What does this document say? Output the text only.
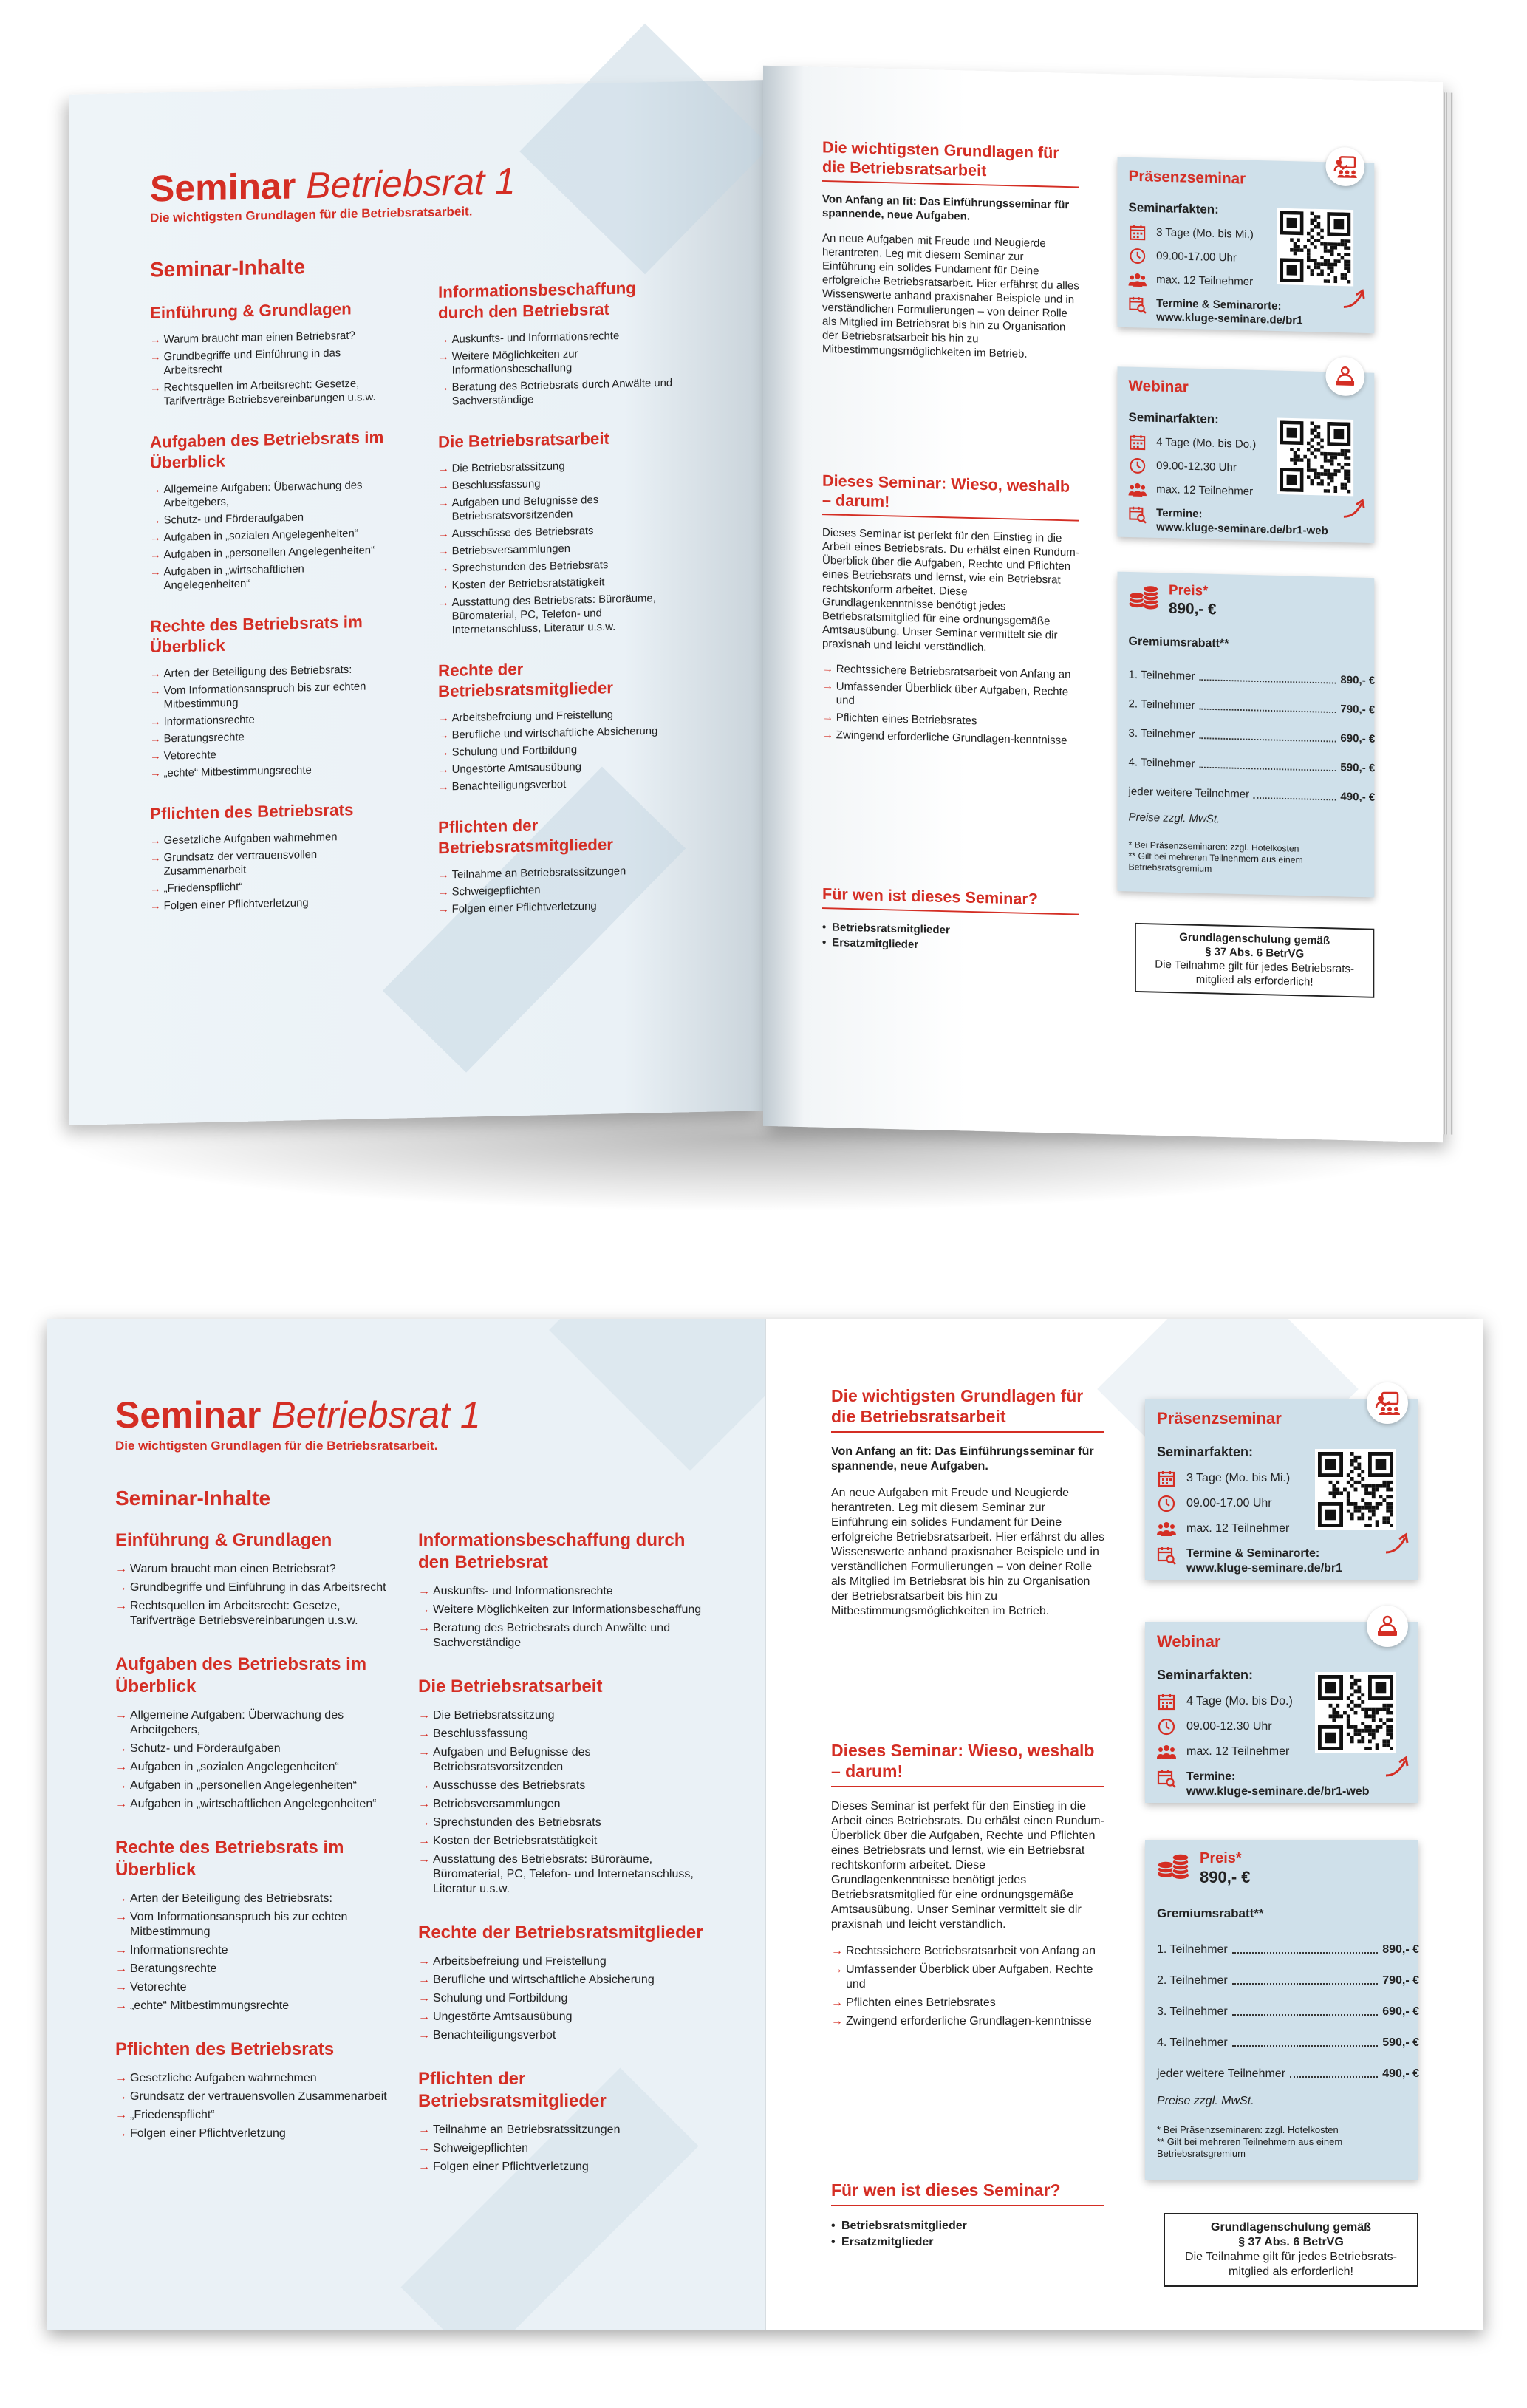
Seminar Betriebsrat 1
Die wichtigsten Grundlagen für die Betriebsratsarbeit.
Seminar-Inhalte
Einführung & Grundlagen
→ Warum braucht man einen Betriebsrat?
→ Grundbegriffe und Einführung in das Arbeitsrecht
→ Rechtsquellen im Arbeitsrecht: Gesetze, Tarifverträge Betriebsvereinbarungen u.s.w.
Aufgaben des Betriebsrats im Überblick
→ Allgemeine Aufgaben: Überwachung des Arbeitgebers,
→ Schutz- und Förderaufgaben
→ Aufgaben in „sozialen Angelegenheiten“
→ Aufgaben in „personellen Angelegenheiten“
→ Aufgaben in „wirtschaftlichen Angelegenheiten“
Rechte des Betriebsrats im Überblick
→ Arten der Beteiligung des Betriebsrats:
→ Vom Informationsanspruch bis zur echten Mitbestimmung
→ Informationsrechte
→ Beratungsrechte
→ Vetorechte
→ „echte“ Mitbestimmungsrechte
Pflichten des Betriebsrats
→ Gesetzliche Aufgaben wahrnehmen
→ Grundsatz der vertrauensvollen Zusammenarbeit
→ „Friedenspflicht“
→ Folgen einer Pflichtverletzung
Informationsbeschaffung durch den Betriebsrat
→ Auskunfts- und Informationsrechte
→ Weitere Möglichkeiten zur Informationsbeschaffung
→ Beratung des Betriebsrats durch Anwälte und Sachverständige
Die Betriebsratsarbeit
→ Die Betriebsratssitzung
→ Beschlussfassung
→ Aufgaben und Befugnisse des Betriebsratsvorsitzenden
→ Ausschüsse des Betriebsrats
→ Betriebsversammlungen
→ Sprechstunden des Betriebsrats
→ Kosten der Betriebsratstätigkeit
→ Ausstattung des Betriebsrats: Büroräume, Büromaterial, PC, Telefon- und Internetanschluss, Literatur u.s.w.
Rechte der Betriebsratsmitglieder
→ Arbeitsbefreiung und Freistellung
→ Berufliche und wirtschaftliche Absicherung
→ Schulung und Fortbildung
→ Ungestörte Amtsausübung
→ Benachteiligungsverbot
Pflichten der Betriebsratsmitglieder
→ Teilnahme an Betriebsratssitzungen
→ Schweigepflichten
→ Folgen einer Pflichtverletzung
Die wichtigsten Grundlagen für die Betriebsratsarbeit
Von Anfang an fit: Das Einführungsseminar für spannende, neue Aufgaben.
An neue Aufgaben mit Freude und Neugierde herantreten. Leg mit diesem Seminar zur Einführung ein solides Fundament für Deine erfolgreiche Betriebsratsarbeit. Hier erfährst du alles Wissenswerte anhand praxisnaher Beispiele und in verständlichen Formulierungen – von deiner Rolle als Mitglied im Betriebsrat bis hin zu Organisation der Betriebsratsarbeit bis hin zu Mitbestimmungsmöglichkeiten im Betrieb.
Dieses Seminar: Wieso, weshalb – darum!
Dieses Seminar ist perfekt für den Einstieg in die Arbeit eines Betriebsrats. Du erhälst einen Rundum-Überblick über die Aufgaben, Rechte und Pflichten eines Betriebsrats und lernst, wie ein Betriebsrat rechtskonform arbeitet. Diese Grundlagenkenntnisse benötigt jedes Betriebsratsmitglied für eine ordnungsgemäße Amtsausübung. Unser Seminar vermittelt sie dir praxisnah und leicht verständlich.
→ Rechtssichere Betriebsratsarbeit von Anfang an
→ Umfassender Überblick über Aufgaben, Rechte und
→ Pflichten eines Betriebsrates
→ Zwingend erforderliche Grundlagen-kenntnisse
Für wen ist dieses Seminar?
• Betriebsratsmitglieder
• Ersatzmitglieder
Präsenzseminar
Seminarfakten:
3 Tage (Mo. bis Mi.)
09.00-17.00 Uhr
max. 12 Teilnehmer
Termine & Seminarorte:
www.kluge-seminare.de/br1
Webinar
Seminarfakten:
4 Tage (Mo. bis Do.)
09.00-12.30 Uhr
max. 12 Teilnehmer
Termine:
www.kluge-seminare.de/br1-web
Preis*
890,- €
Gremiumsrabatt**
1. Teilnehmer	890,- €
2. Teilnehmer	790,- €
3. Teilnehmer	690,- €
4. Teilnehmer	590,- €
jeder weitere Teilnehmer	490,- €
Preise zzgl. MwSt.
* Bei Präsenzseminaren: zzgl. Hotelkosten
** Gilt bei mehreren Teilnehmern aus einem Betriebsratsgremium
Grundlagenschulung gemäß
§ 37 Abs. 6 BetrVG
Die Teilnahme gilt für jedes Betriebsrats-mitglied als erforderlich!
Seminar Betriebsrat 1
Die wichtigsten Grundlagen für die Betriebsratsarbeit.
Seminar-Inhalte
Einführung & Grundlagen
→ Warum braucht man einen Betriebsrat?
→ Grundbegriffe und Einführung in das Arbeitsrecht
→ Rechtsquellen im Arbeitsrecht: Gesetze, Tarifverträge Betriebsvereinbarungen u.s.w.
Aufgaben des Betriebsrats im Überblick
→ Allgemeine Aufgaben: Überwachung des Arbeitgebers,
→ Schutz- und Förderaufgaben
→ Aufgaben in „sozialen Angelegenheiten“
→ Aufgaben in „personellen Angelegenheiten“
→ Aufgaben in „wirtschaftlichen Angelegenheiten“
Rechte des Betriebsrats im Überblick
→ Arten der Beteiligung des Betriebsrats:
→ Vom Informationsanspruch bis zur echten Mitbestimmung
→ Informationsrechte
→ Beratungsrechte
→ Vetorechte
→ „echte“ Mitbestimmungsrechte
Pflichten des Betriebsrats
→ Gesetzliche Aufgaben wahrnehmen
→ Grundsatz der vertrauensvollen Zusammenarbeit
→ „Friedenspflicht“
→ Folgen einer Pflichtverletzung
Informationsbeschaffung durch den Betriebsrat
→ Auskunfts- und Informationsrechte
→ Weitere Möglichkeiten zur Informationsbeschaffung
→ Beratung des Betriebsrats durch Anwälte und Sachverständige
Die Betriebsratsarbeit
→ Die Betriebsratssitzung
→ Beschlussfassung
→ Aufgaben und Befugnisse des Betriebsratsvorsitzenden
→ Ausschüsse des Betriebsrats
→ Betriebsversammlungen
→ Sprechstunden des Betriebsrats
→ Kosten der Betriebsratstätigkeit
→ Ausstattung des Betriebsrats: Büroräume, Büromaterial, PC, Telefon- und Internetanschluss, Literatur u.s.w.
Rechte der Betriebsratsmitglieder
→ Arbeitsbefreiung und Freistellung
→ Berufliche und wirtschaftliche Absicherung
→ Schulung und Fortbildung
→ Ungestörte Amtsausübung
→ Benachteiligungsverbot
Pflichten der Betriebsratsmitglieder
→ Teilnahme an Betriebsratssitzungen
→ Schweigepflichten
→ Folgen einer Pflichtverletzung
Die wichtigsten Grundlagen für die Betriebsratsarbeit
Von Anfang an fit: Das Einführungsseminar für spannende, neue Aufgaben.
An neue Aufgaben mit Freude und Neugierde herantreten. Leg mit diesem Seminar zur Einführung ein solides Fundament für Deine erfolgreiche Betriebsratsarbeit. Hier erfährst du alles Wissenswerte anhand praxisnaher Beispiele und in verständlichen Formulierungen – von deiner Rolle als Mitglied im Betriebsrat bis hin zu Organisation der Betriebsratsarbeit bis hin zu Mitbestimmungsmöglichkeiten im Betrieb.
Dieses Seminar: Wieso, weshalb – darum!
Dieses Seminar ist perfekt für den Einstieg in die Arbeit eines Betriebsrats. Du erhälst einen Rundum-Überblick über die Aufgaben, Rechte und Pflichten eines Betriebsrats und lernst, wie ein Betriebsrat rechtskonform arbeitet. Diese Grundlagenkenntnisse benötigt jedes Betriebsratsmitglied für eine ordnungsgemäße Amtsausübung. Unser Seminar vermittelt sie dir praxisnah und leicht verständlich.
→ Rechtssichere Betriebsratsarbeit von Anfang an
→ Umfassender Überblick über Aufgaben, Rechte und
→ Pflichten eines Betriebsrates
→ Zwingend erforderliche Grundlagen-kenntnisse
Für wen ist dieses Seminar?
• Betriebsratsmitglieder
• Ersatzmitglieder
Präsenzseminar
Seminarfakten:
3 Tage (Mo. bis Mi.)
09.00-17.00 Uhr
max. 12 Teilnehmer
Termine & Seminarorte:
www.kluge-seminare.de/br1
Webinar
Seminarfakten:
4 Tage (Mo. bis Do.)
09.00-12.30 Uhr
max. 12 Teilnehmer
Termine:
www.kluge-seminare.de/br1-web
Preis*
890,- €
Gremiumsrabatt**
1. Teilnehmer	890,- €
2. Teilnehmer	790,- €
3. Teilnehmer	690,- €
4. Teilnehmer	590,- €
jeder weitere Teilnehmer	490,- €
Preise zzgl. MwSt.
* Bei Präsenzseminaren: zzgl. Hotelkosten
** Gilt bei mehreren Teilnehmern aus einem Betriebsratsgremium
Grundlagenschulung gemäß
§ 37 Abs. 6 BetrVG
Die Teilnahme gilt für jedes Betriebsrats-mitglied als erforderlich!
